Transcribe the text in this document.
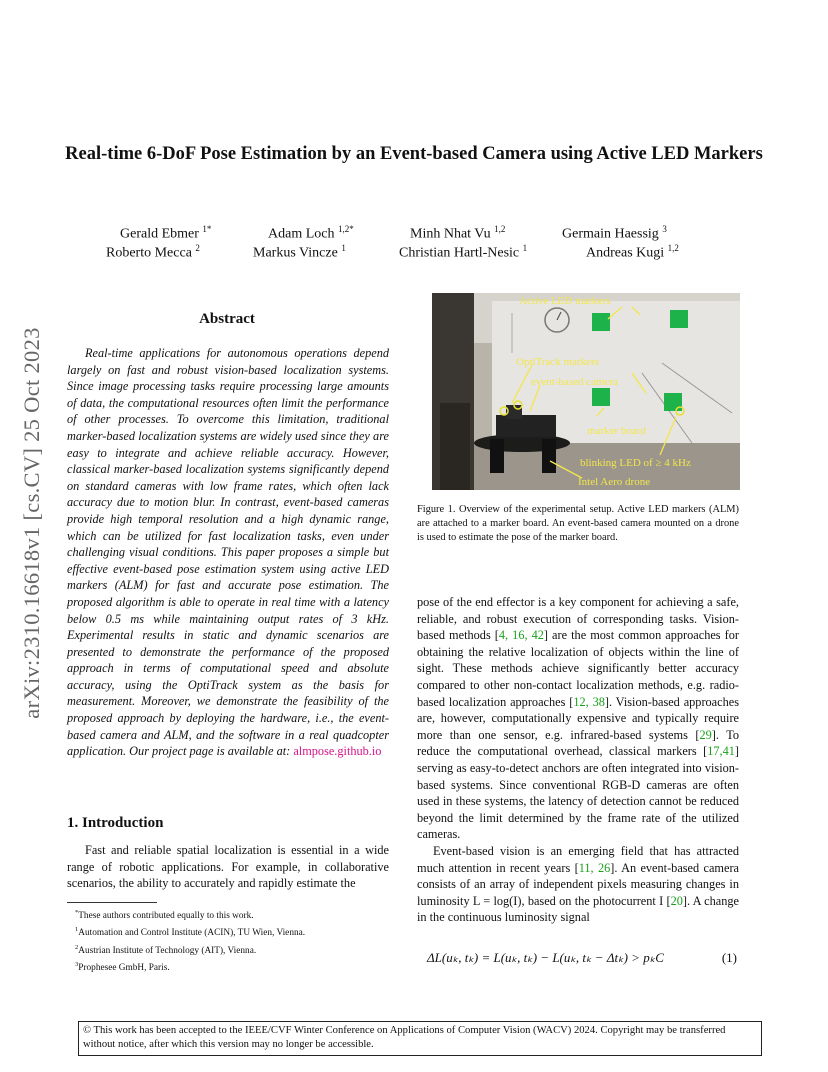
Real-time 6-DoF Pose Estimation by an Event-based Camera using Active LED Markers
Gerald Ebmer $^{1*}$	Adam Loch $^{1,2*}$	Minh Nhat Vu $^{1,2}$	Germain Haessig $^3$
Roberto Mecca $^2$	Markus Vincze $^1$	Christian Hartl-Nesic $^1$	Andreas Kugi $^{1,2}$
arXiv:2310.16618v1 [cs.CV] 25 Oct 2023
Abstract

Real-time applications for autonomous operations depend largely on fast and robust vision-based localization systems. Since image processing tasks require processing large amounts of data, the computational resources often limit the performance of other processes. To overcome this limitation, traditional marker-based localization systems are widely used since they are easy to integrate and achieve reliable accuracy. However, classical marker-based localization systems significantly depend on standard cameras with low frame rates, which often lack accuracy due to motion blur. In contrast, event-based cameras provide high temporal resolution and a high dynamic range, which can be utilized for fast localization tasks, even under challenging visual conditions. This paper proposes a simple but effective event-based pose estimation system using active LED markers (ALM) for fast and accurate pose estimation. The proposed algorithm is able to operate in real time with a latency below 0.5 ms while maintaining output rates of 3 kHz. Experimental results in static and dynamic scenarios are presented to demonstrate the performance of the proposed approach in terms of computational speed and absolute accuracy, using the OptiTrack system as the basis for measurement. Moreover, we demonstrate the feasibility of the proposed approach by deploying the hardware, i.e., the event-based camera and ALM, and the software in a real quadcopter application. Our project page is available at: almpose.github.io

1. Introduction

Fast and reliable spatial localization is essential in a wide range of robotic applications. For example, in collaborative scenarios, the ability to accurately and rapidly estimate the

*These authors contributed equally to this work.
$^1$Automation and Control Institute (ACIN), TU Wien, Vienna.
$^2$Austrian Institute of Technology (AIT), Vienna.
$^3$Prophesee GmbH, Paris.
Active LED markers
OptiTrack markers
event-based camera
marker board
blinking LED of ≥ 4 kHz
Intel Aero drone

Figure 1. Overview of the experimental setup. Active LED markers (ALM) are attached to a marker board. An event-based camera mounted on a drone is used to estimate the pose of the marker board.

pose of the end effector is a key component for achieving a safe, reliable, and robust execution of corresponding tasks. Vision-based methods [4, 16, 42] are the most common approaches for obtaining the relative localization of objects within the line of sight. These methods achieve significantly better accuracy compared to other non-contact localization methods, e.g. radio-based localization approaches [12, 38]. Vision-based approaches are, however, computationally expensive and typically require more than one sensor, e.g. infrared-based systems [29]. To reduce the computational overhead, classical markers [17,41] serving as easy-to-detect anchors are often integrated into vision-based systems. Since conventional RGB-D cameras are often used in these systems, the latency of detection cannot be reduced beyond the limit determined by the frame rate of the utilized cameras.

Event-based vision is an emerging field that has attracted much attention in recent years [11, 26]. An event-based camera consists of an array of independent pixels measuring changes in luminosity L = log(I), based on the photocurrent I [20]. A change in the continuous luminosity signal

ΔL(uₖ, tₖ) = L(uₖ, tₖ) − L(uₖ, tₖ − Δtₖ) > pₖC	(1)
© This work has been accepted to the IEEE/CVF Winter Conference on Applications of Computer Vision (WACV) 2024. Copyright may be transferred without notice, after which this version may no longer be accessible.
